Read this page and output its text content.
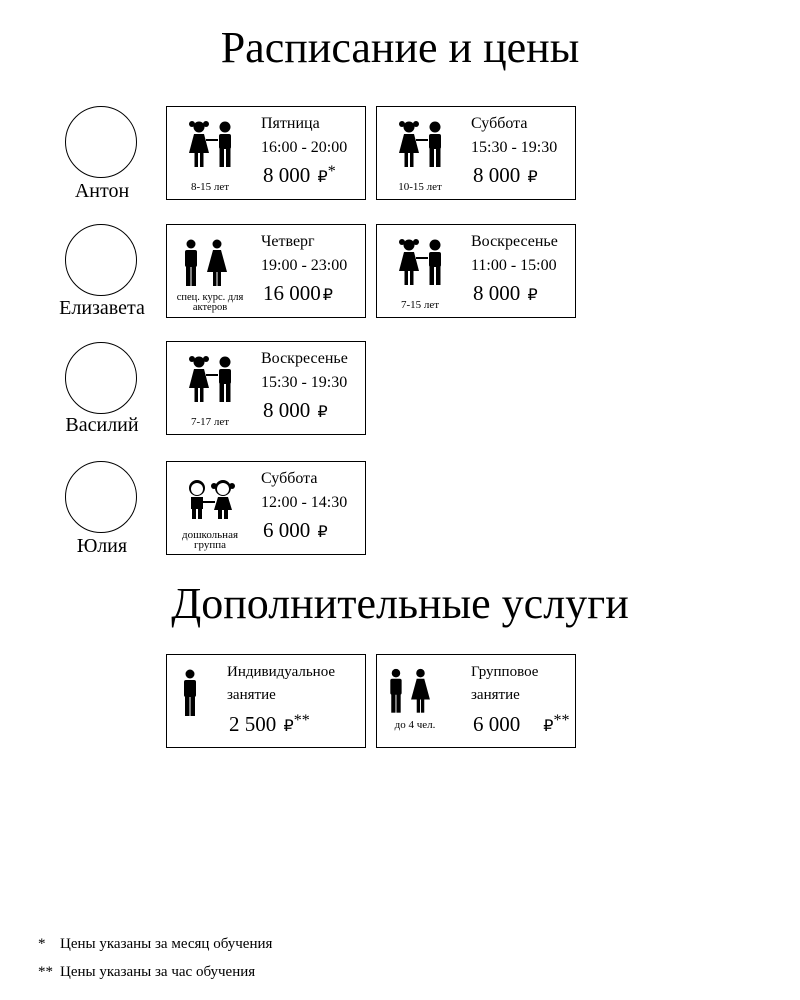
Расписание и цены
Антон
Елизавета
Василий
Юлия
8-15 лет
Пятница
16:00 - 20:00
8 000 ₽*
10-15 лет
Суббота
15:30 - 19:30
8 000 ₽
спец. курс. для актеров
Четверг
19:00 - 23:00
16 000 ₽
7-15 лет
Воскресенье
11:00 - 15:00
8 000 ₽
7-17 лет
Воскресенье
15:30 - 19:30
8 000 ₽
дошкольная группа
Суббота
12:00 - 14:30
6 000 ₽
Дополнительные услуги
Индивидуальное занятие
2 500 ₽**	до 4 чел.
Групповое занятие
6 000 ₽**
* Цены указаны за месяц обучения
** Цены указаны за час обучения
